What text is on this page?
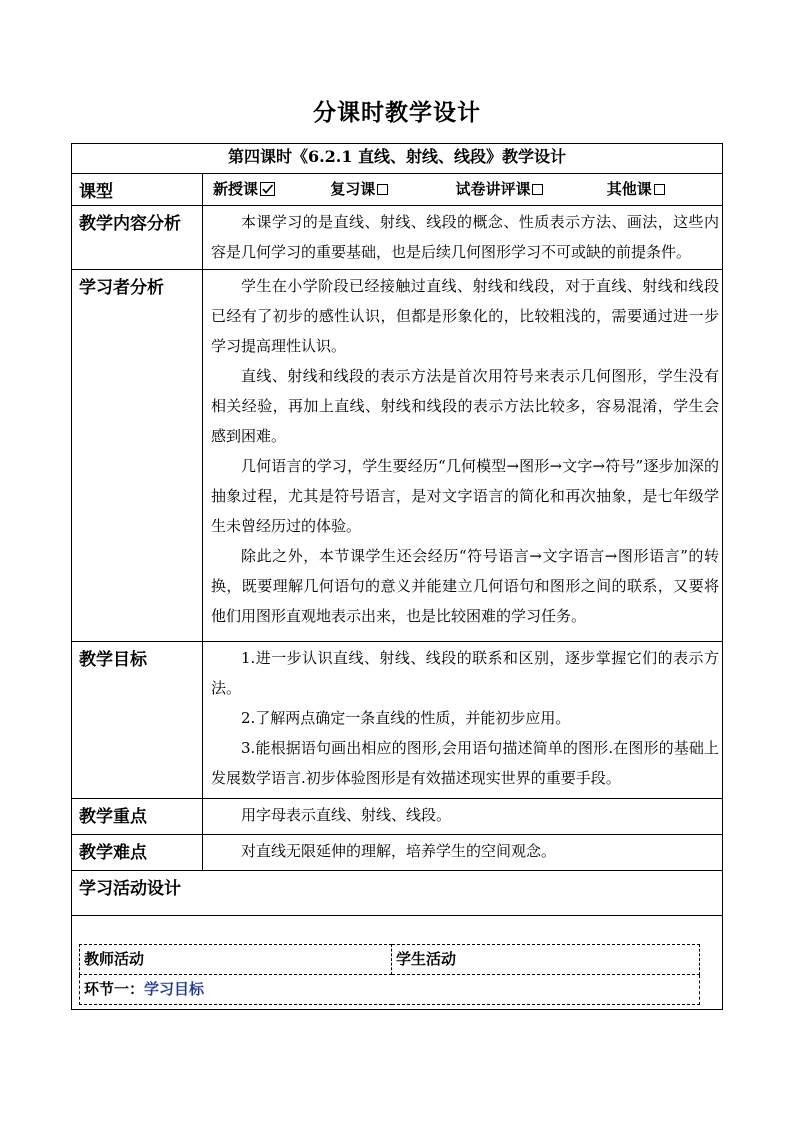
分课时教学设计
第四课时《6.2.1 直线、射线、线段》教学设计
课型	新授课	复习课	试卷讲评课	其他课
教学内容分析	本课学习的是直线、射线、线段的概念、性质表示方法、画法，这些内容是几何学习的重要基础，也是后续几何图形学习不可或缺的前提条件。

学习者分析	学生在小学阶段已经接触过直线、射线和线段，对于直线、射线和线段已经有了初步的感性认识，但都是形象化的，比较粗浅的，需要通过进一步学习提高理性认识。

直线、射线和线段的表示方法是首次用符号来表示几何图形，学生没有相关经验，再加上直线、射线和线段的表示方法比较多，容易混淆，学生会感到困难。

几何语言的学习，学生要经历“几何模型→图形→文字→符号”逐步加深的抽象过程，尤其是符号语言，是对文字语言的简化和再次抽象，是七年级学生未曾经历过的体验。

除此之外，本节课学生还会经历“符号语言→文字语言→图形语言”的转换，既要理解几何语句的意义并能建立几何语句和图形之间的联系，又要将他们用图形直观地表示出来，也是比较困难的学习任务。

教学目标	1.进一步认识直线、射线、线段的联系和区别，逐步掌握它们的表示方法。

2.了解两点确定一条直线的性质，并能初步应用。

3.能根据语句画出相应的图形,会用语句描述简单的图形.在图形的基础上发展数学语言.初步体验图形是有效描述现实世界的重要手段。

教学重点	用字母表示直线、射线、线段。

教学难点	对直线无限延伸的理解，培养学生的空间观念。

学习活动设计

教师活动	学生活动
环节一：学习目标
